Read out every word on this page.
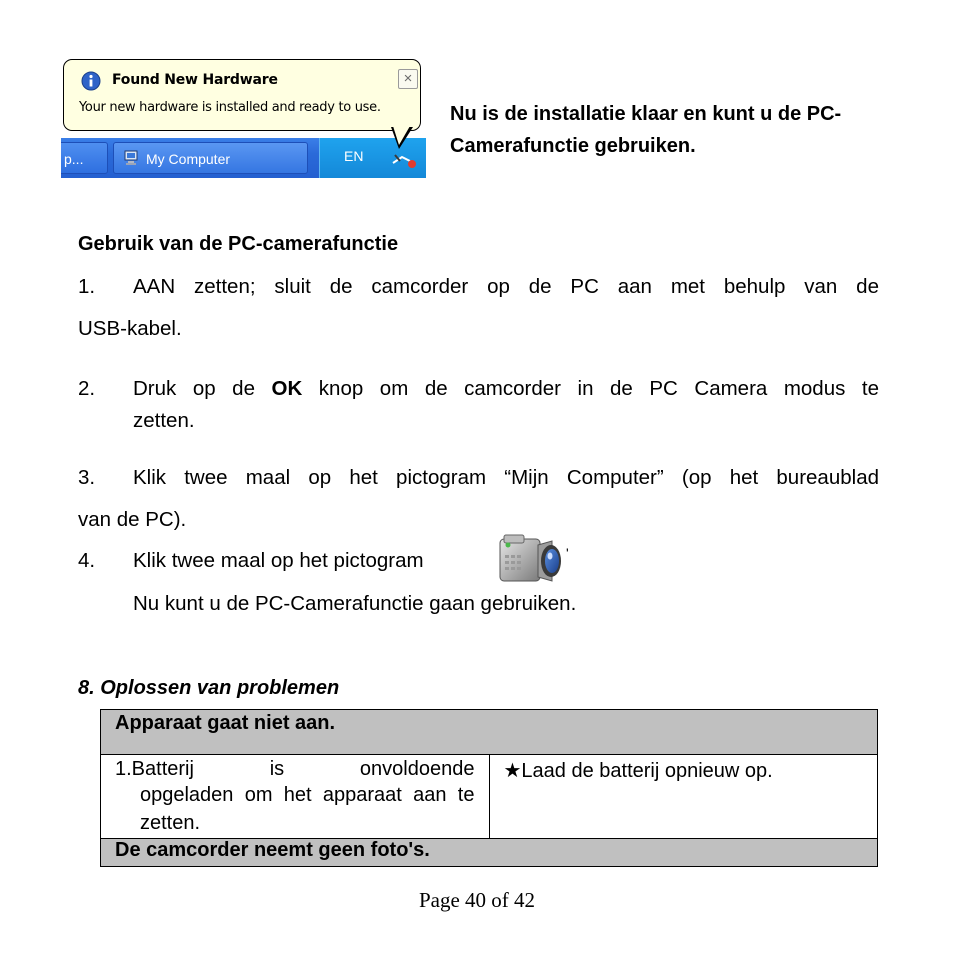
p...	My Computer	EN
Found New Hardware
Your new hardware is installed and ready to use.
×
Nu is de installatie klaar en kunt u de PC-Camerafunctie gebruiken.
Gebruik van de PC-camerafunctie
1. AAN zetten; sluit de camcorder op de PC aan met behulp van de
USB-kabel.
2. Druk op de OK knop om de camcorder in de PC Camera modus te
zetten.
3. Klik twee maal op het pictogram “Mijn Computer” (op het bureaublad
van de PC).
4. Klik twee maal op het pictogram	'
Nu kunt u de PC-Camerafunctie gaan gebruiken.
8. Oplossen van problemen
Apparaat gaat niet aan.

1.Batterij is onvoldoende
opgeladen om het apparaat aan te zetten.
	★Laad de batterij opnieuw op.
De camcorder neemt geen foto's.
Page 40 of 42
